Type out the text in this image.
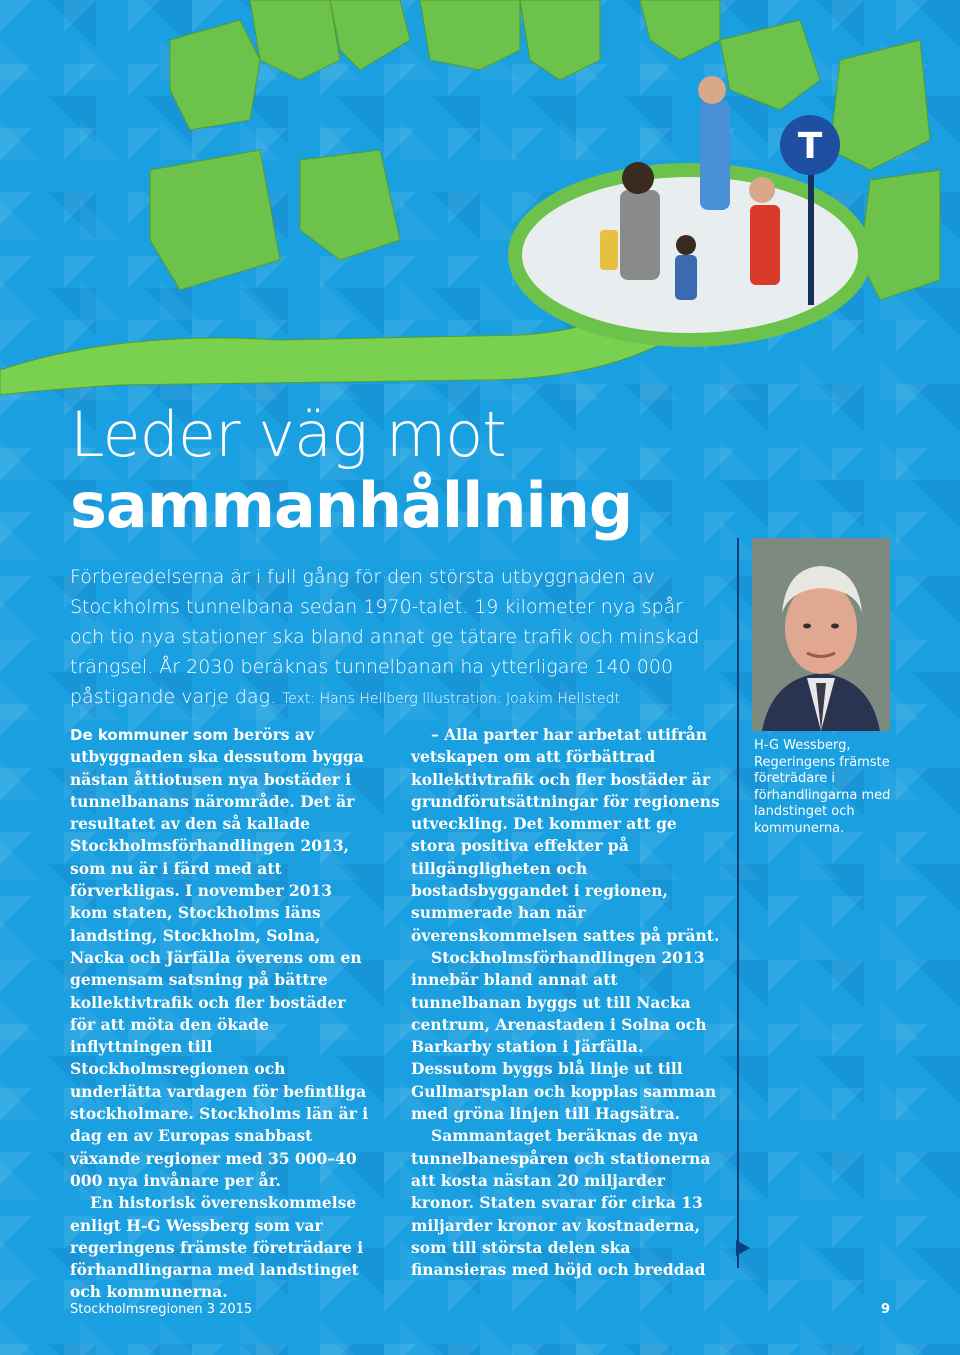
T
Leder väg mot
sammanhållning

Förberedelserna är i full gång för den största utbyggnaden av Stockholms tunnelbana sedan 1970-talet. 19 kilometer nya spår och tio nya stationer ska bland annat ge tätare trafik och minskad trängsel. År 2030 beräknas tunnelbanan ha ytterligare 140 000 påstigande varje dag. Text: Hans Hellberg Illustration: Joakim Hellstedt

De kommuner som berörs av utbyggnaden ska dessutom bygga nästan åttiotusen nya bostäder i tunnelbanans närområde. Det är resultatet av den så kallade Stockholmsförhandlingen 2013, som nu är i färd med att förverkligas. I november 2013 kom staten, Stockholms läns landsting, Stockholm, Solna, Nacka och Järfälla överens om en gemensam satsning på bättre kollektivtrafik och fler bostäder för att möta den ökade inflyttningen till Stockholmsregionen och underlätta vardagen för befintliga stockholmare. Stockholms län är i dag en av Europas snabbast växande regioner med 35 000–40 000 nya invånare per år.

En historisk överenskommelse enligt H-G Wessberg som var regeringens främste företrädare i förhandlingarna med landstinget och kommunerna.

– Alla parter har arbetat utifrån vetskapen om att förbättrad kollektivtrafik och fler bostäder är grundförutsättningar för regionens utveckling. Det kommer att ge stora positiva effekter på tillgängligheten och bostadsbyggandet i regionen, summerade han när överenskommelsen sattes på pränt.

Stockholmsförhandlingen 2013 innebär bland annat att tunnelbanan byggs ut till Nacka centrum, Arenastaden i Solna och Barkarby station i Järfälla. Dessutom byggs blå linje ut till Gullmarsplan och kopplas samman med gröna linjen till Hagsätra.

Sammantaget beräknas de nya tunnelbanespåren och stationerna att kosta nästan 20 miljarder kronor. Staten svarar för cirka 13 miljarder kronor av kostnaderna, som till största delen ska finansieras med höjd och breddad

H-G Wessberg, Regeringens främste företrädare i förhandlingarna med landstinget och kommunerna.
Stockholmsregionen 3 2015	9
